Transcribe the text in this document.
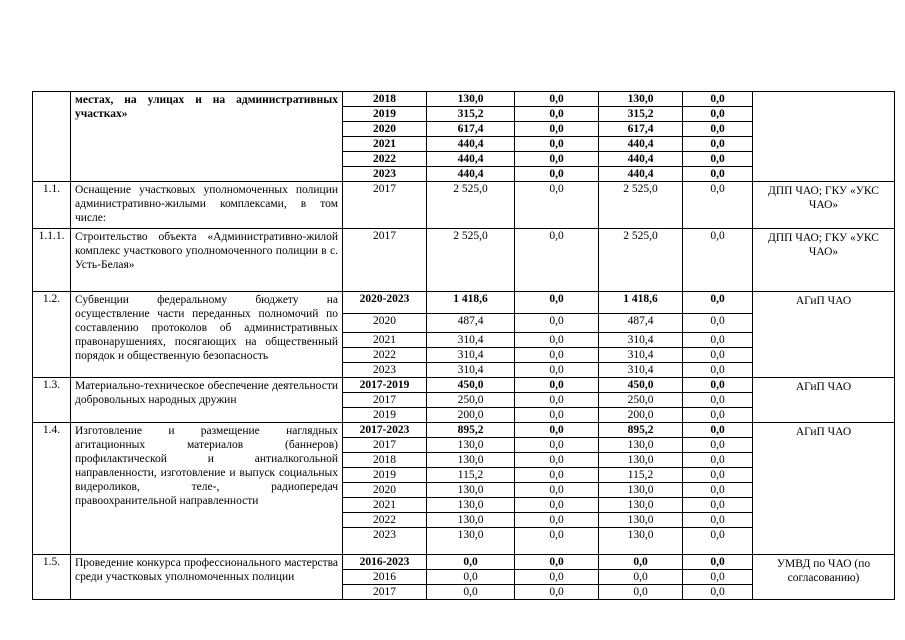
	местах, на улицах и на административных участках»	2018	130,0	0,0	130,0	0,0	
		2019	315,2	0,0	315,2	0,0	
		2020	617,4	0,0	617,4	0,0	
		2021	440,4	0,0	440,4	0,0	
		2022	440,4	0,0	440,4	0,0	
		2023	440,4	0,0	440,4	0,0	
1.1.	Оснащение участковых уполномоченных полиции административно-жилыми комплексами, в том числе:	2017	2 525,0	0,0	2 525,0	0,0	ДПП ЧАО; ГКУ «УКС ЧАО»
1.1.1.	Строительство объекта «Административно-жилой комплекс участкового уполномоченного полиции в с. Усть-Белая»	2017	2 525,0	0,0	2 525,0	0,0	ДПП ЧАО; ГКУ «УКС ЧАО»
1.2.	Субвенции федеральному бюджету на осуществление части переданных полномочий по составлению протоколов об административных правонарушениях, посягающих на общественный порядок и общественную безопасность	2020-2023	1 418,6	0,0	1 418,6	0,0	АГиП ЧАО
		2020	487,4	0,0	487,4	0,0	
		2021	310,4	0,0	310,4	0,0	
		2022	310,4	0,0	310,4	0,0	
		2023	310,4	0,0	310,4	0,0	
1.3.	Материально-техническое обеспечение деятельности добровольных народных дружин	2017-2019	450,0	0,0	450,0	0,0	АГиП ЧАО
		2017	250,0	0,0	250,0	0,0	
		2019	200,0	0,0	200,0	0,0	
1.4.	Изготовление и размещение наглядных агитационных материалов (баннеров) профилактической и антиалкогольной направленности, изготовление и выпуск социальных видероликов, теле-, радиопередач правоохранительной направленности	2017-2023	895,2	0,0	895,2	0,0	АГиП ЧАО
		2017	130,0	0,0	130,0	0,0	
		2018	130,0	0,0	130,0	0,0	
		2019	115,2	0,0	115,2	0,0	
		2020	130,0	0,0	130,0	0,0	
		2021	130,0	0,0	130,0	0,0	
		2022	130,0	0,0	130,0	0,0	
		2023	130,0	0,0	130,0	0,0	
1.5.	Проведение конкурса профессионального мастерства среди участковых уполномоченных полиции	2016-2023	0,0	0,0	0,0	0,0	УМВД по ЧАО (по согласованию)
		2016	0,0	0,0	0,0	0,0	
		2017	0,0	0,0	0,0	0,0	
